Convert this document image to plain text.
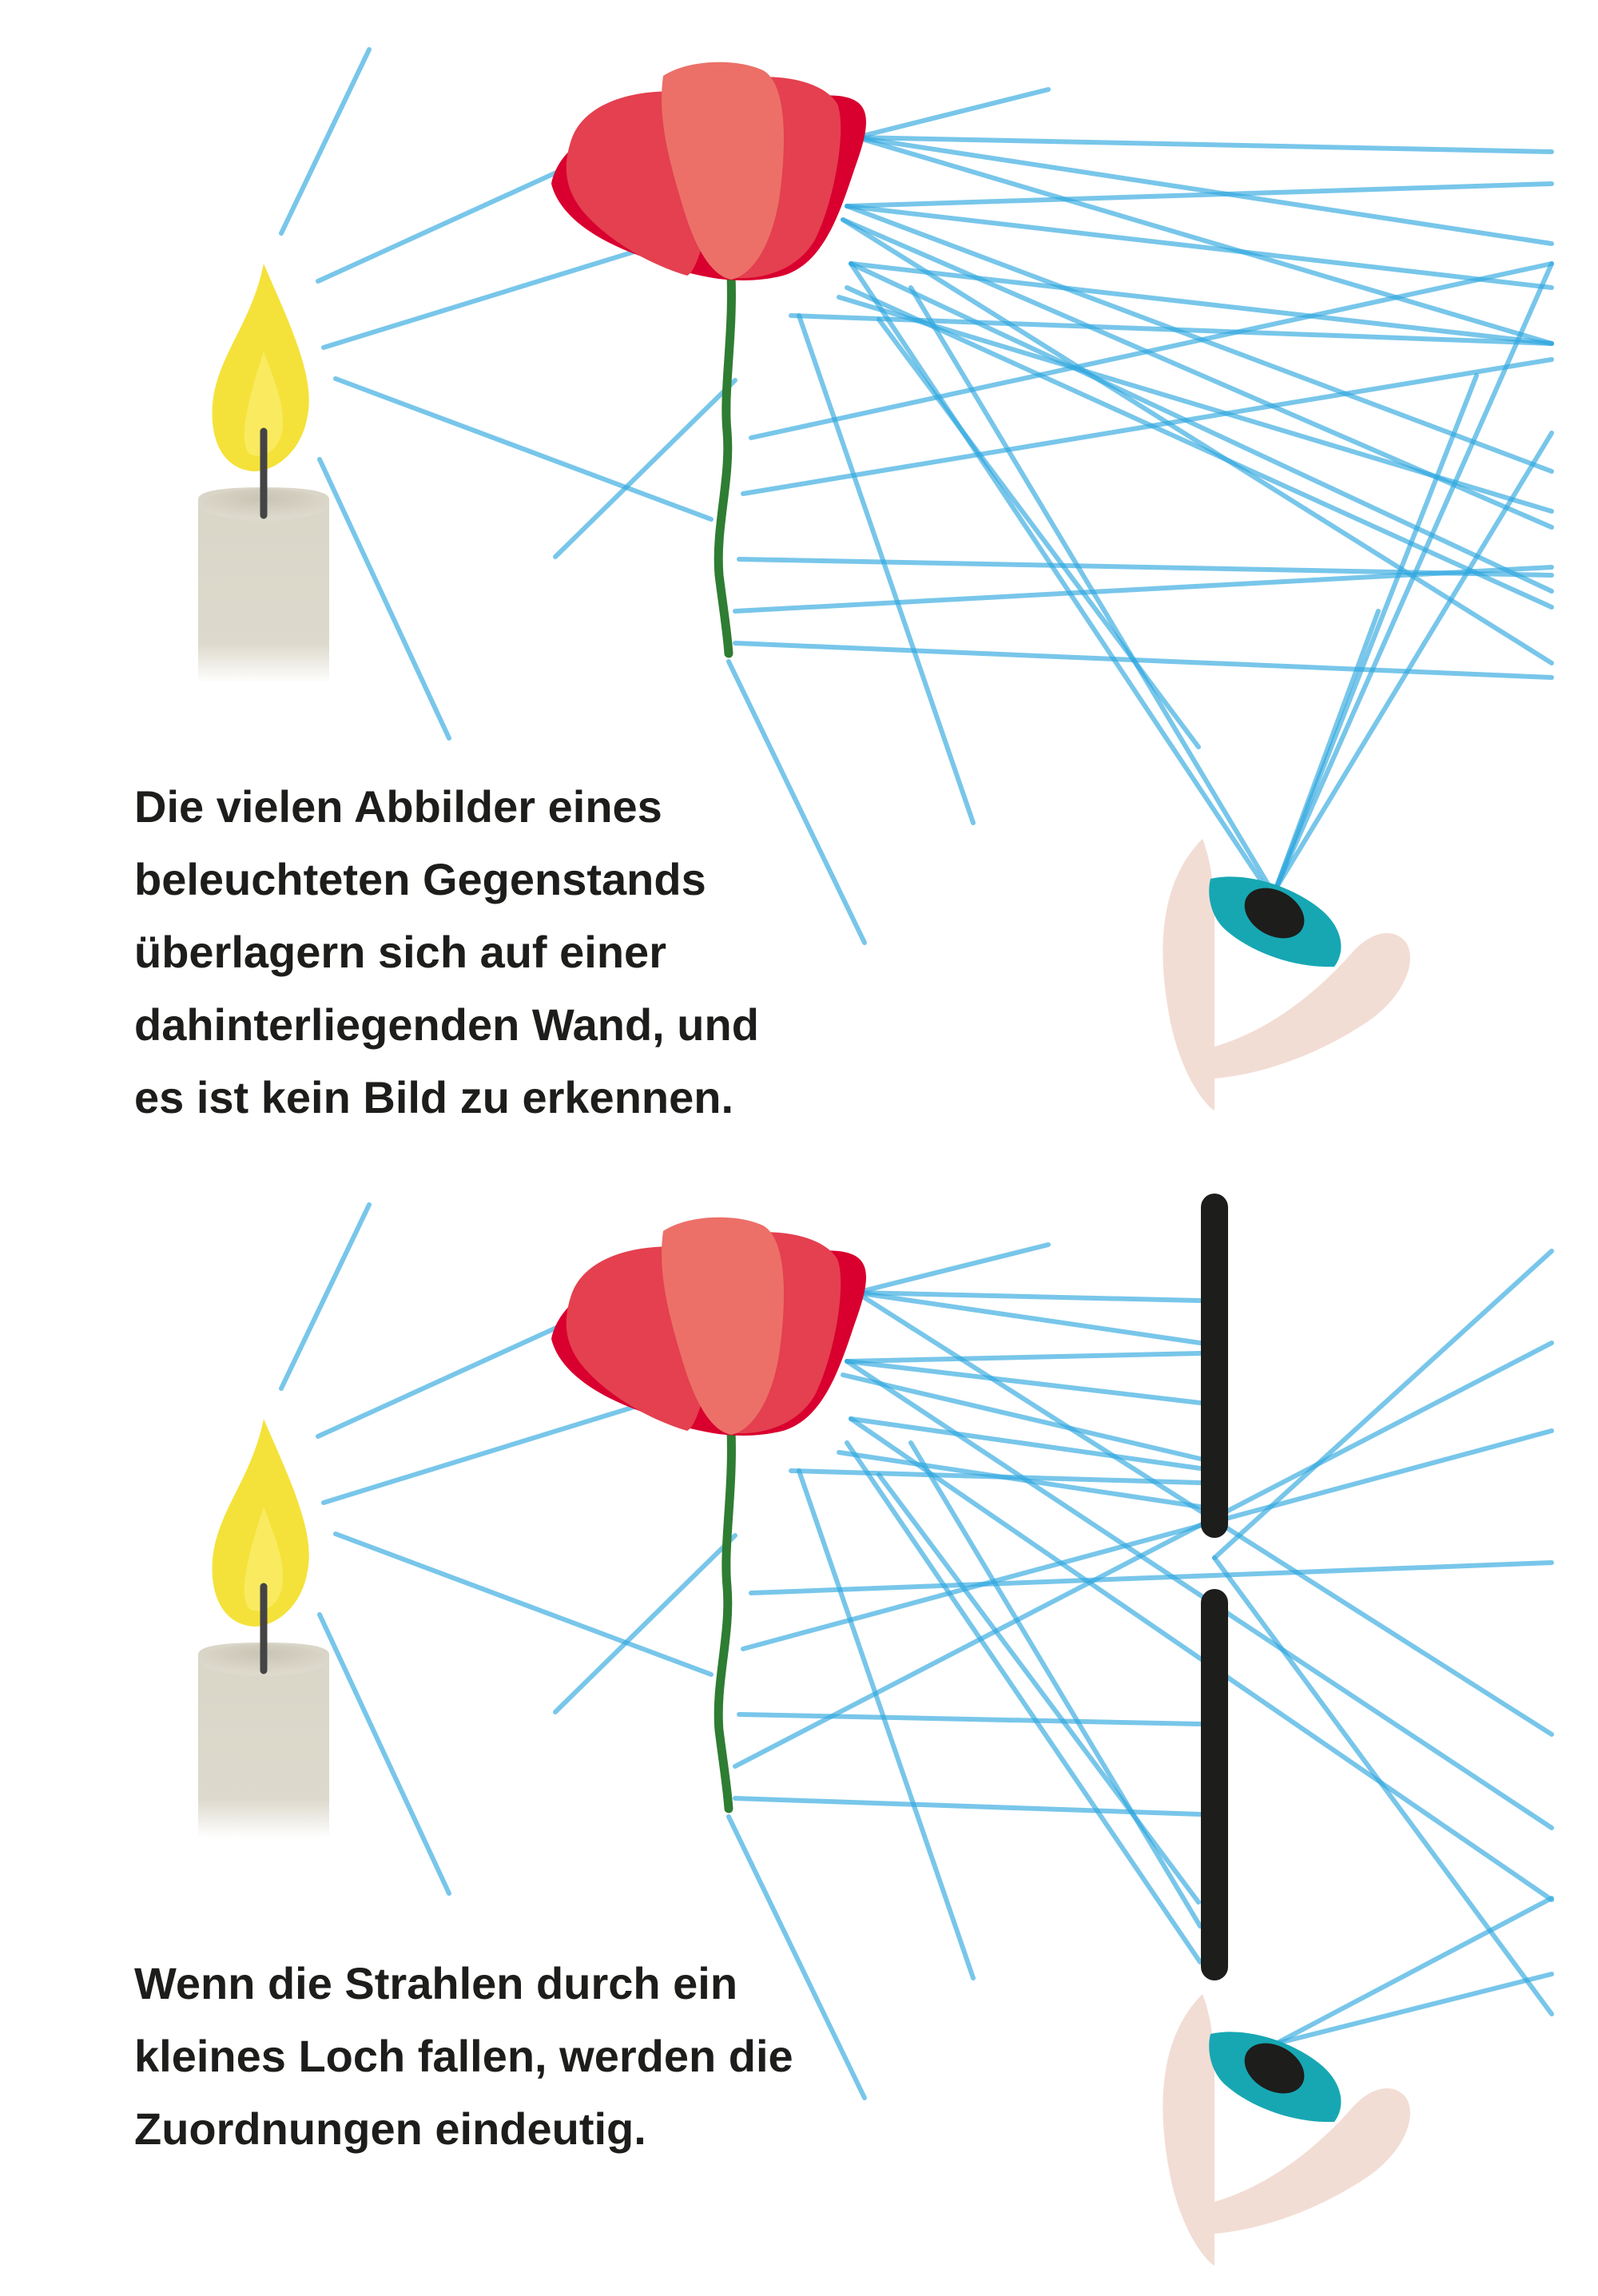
Die vielen Abbilder eines
beleuchteten Gegenstands
überlagern sich auf einer
dahinterliegenden Wand, und
es ist kein Bild zu erkennen.
Wenn die Strahlen durch ein
kleines Loch fallen, werden die
Zuordnungen eindeutig.
